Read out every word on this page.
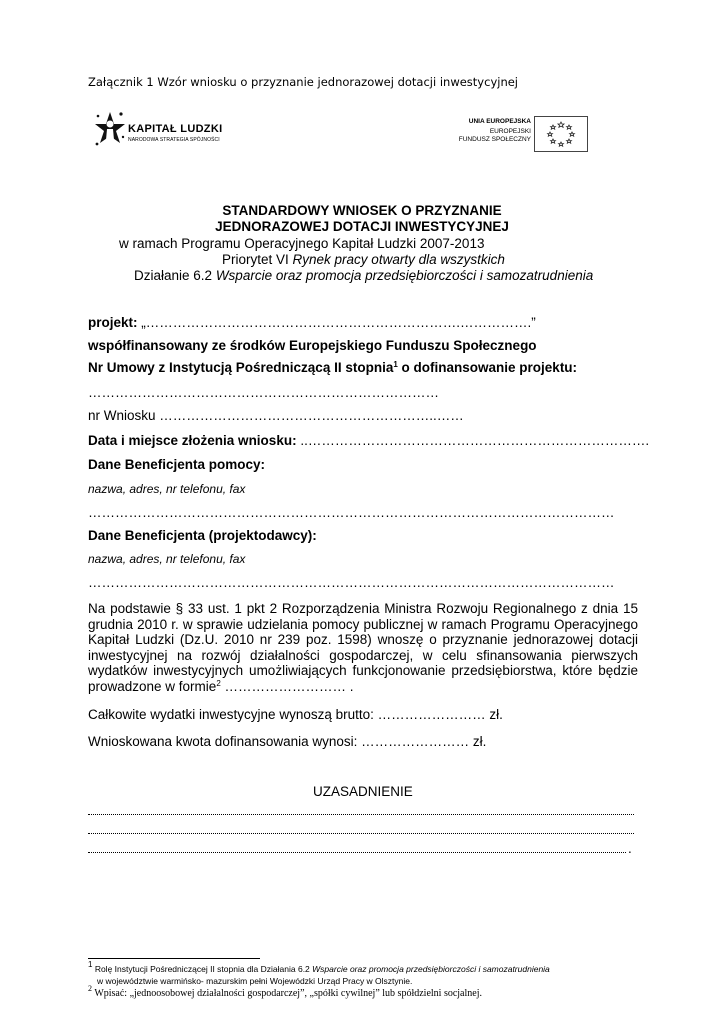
Załącznik 1 Wzór wniosku o przyznanie jednorazowej dotacji inwestycyjnej
KAPITAŁ LUDZKI
NARODOWA STRATEGIA SPÓJNOŚCI
UNIA EUROPEJSKA
EUROPEJSKI
FUNDUSZ SPOŁECZNY
STANDARDOWY WNIOSEK O PRZYZNANIE
JEDNORAZOWEJ DOTACJI INWESTYCYJNEJ
w ramach Programu Operacyjnego Kapitał Ludzki 2007-2013
Priorytet VI Rynek pracy otwarty dla wszystkich
Działanie 6.2 Wsparcie oraz promocja przedsiębiorczości i samozatrudnienia
projekt: „…………………………………………………………….…………….”
współfinansowany ze środków Europejskiego Funduszu Społecznego
Nr Umowy z Instytucją Pośredniczącą II stopnia$^1$ o dofinansowanie projektu:
……………………………………………………………………
nr Wniosku ……………………………………………………..……
Data i miejsce złożenia wniosku: ..………………………………………………………………….
Dane Beneficjenta pomocy:
nazwa, adres, nr telefonu, fax
………………………………………………………………………………………………………
Dane Beneficjenta (projektodawcy):
nazwa, adres, nr telefonu, fax
………………………………………………………………………………………………………
Na podstawie § 33 ust. 1 pkt 2 Rozporządzenia Ministra Rozwoju Regionalnego z dnia 15 grudnia 2010 r. w sprawie udzielania pomocy publicznej w ramach Programu Operacyjnego Kapitał Ludzki (Dz.U. 2010 nr 239 poz. 1598) wnoszę o przyznanie jednorazowej dotacji inwestycyjnej na rozwój działalności gospodarczej, w celu sfinansowania pierwszych wydatków inwestycyjnych umożliwiających funkcjonowanie przedsiębiorstwa, które będzie prowadzone w formie$^2$ ……………………… .
Całkowite wydatki inwestycyjne wynoszą brutto: …………………… zł.
Wnioskowana kwota dofinansowania wynosi: …………………… zł.
UZASADNIENIE
.
$^1$ Rolę Instytucji Pośredniczącej II stopnia dla Działania 6.2 Wsparcie oraz promocja przedsiębiorczości i samozatrudnienia
w województwie warmińsko- mazurskim pełni Wojewódzki Urząd Pracy w Olsztynie.
$^2$ Wpisać: „jednoosobowej działalności gospodarczej”, „spółki cywilnej” lub spółdzielni socjalnej.
